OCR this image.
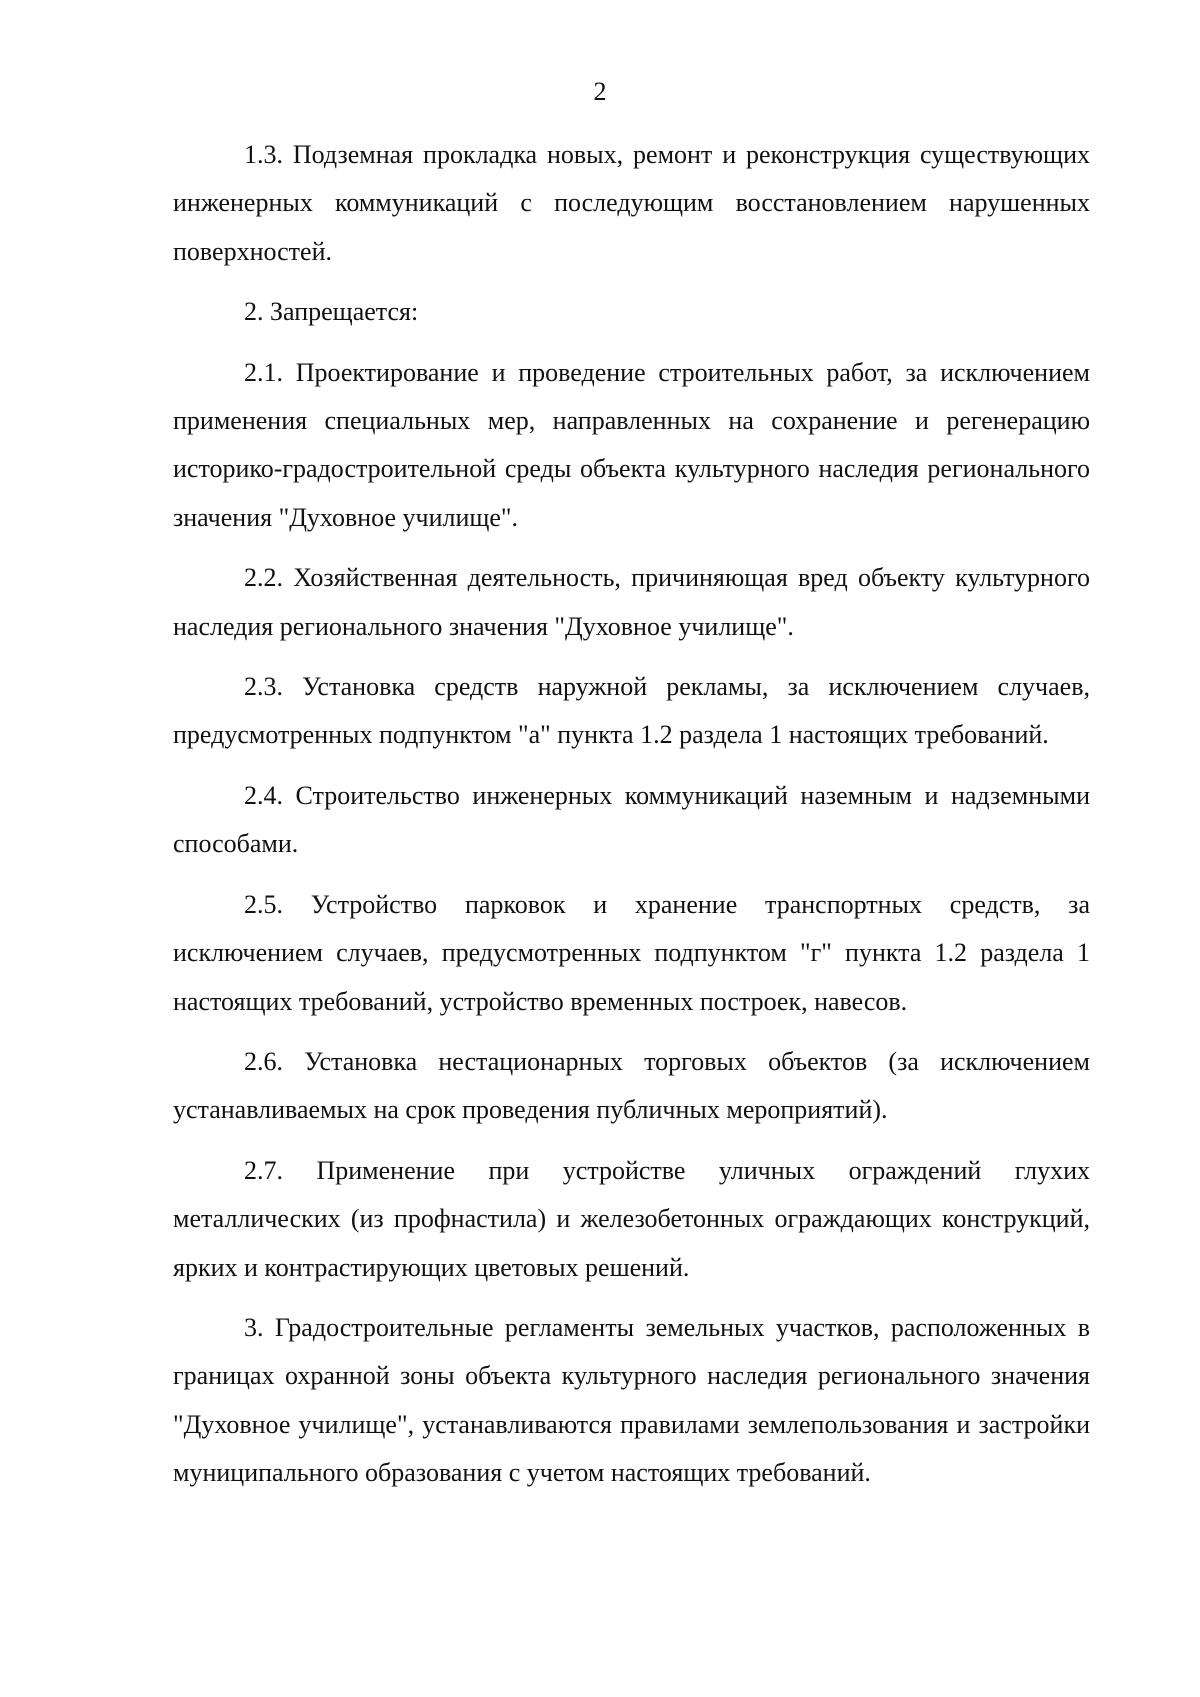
2

1.3. Подземная прокладка новых, ремонт и реконструкция существующих инженерных коммуникаций с последующим восстановлением нарушенных поверхностей.

2. Запрещается:

2.1. Проектирование и проведение строительных работ, за исключением применения специальных мер, направленных на сохранение и регенерацию историко-градостроительной среды объекта культурного наследия регионального значения "Духовное училище".

2.2. Хозяйственная деятельность, причиняющая вред объекту культурного наследия регионального значения "Духовное училище".

2.3. Установка средств наружной рекламы, за исключением случаев, предусмотренных подпунктом "а" пункта 1.2 раздела 1 настоящих требований.

2.4. Строительство инженерных коммуникаций наземным и надземными способами.

2.5. Устройство парковок и хранение транспортных средств, за исключением случаев, предусмотренных подпунктом "г" пункта 1.2 раздела 1 настоящих требований, устройство временных построек, навесов.

2.6. Установка нестационарных торговых объектов (за исключением устанавливаемых на срок проведения публичных мероприятий).

2.7. Применение при устройстве уличных ограждений глухих металлических (из профнастила) и железобетонных ограждающих конструкций, ярких и контрастирующих цветовых решений.

3. Градостроительные регламенты земельных участков, расположенных в границах охранной зоны объекта культурного наследия регионального значения "Духовное училище", устанавливаются правилами землепользования и застройки муниципального образования с учетом настоящих требований.
